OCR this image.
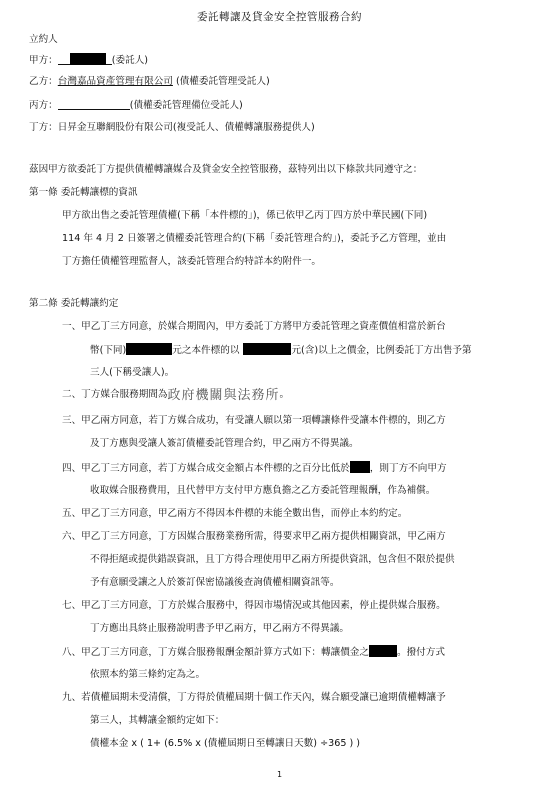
委託轉讓及貸金安全控管服務合約
立約人
甲方：	(委託人)
乙方：台灣嘉品資產管理有限公司 (債權委託管理受託人)
丙方：	(債權委託管理備位受託人)
丁方：日昇金互聯網股份有限公司(複受託人、債權轉讓服務提供人)
茲因甲方欲委託丁方提供債權轉讓媒合及貸金安全控管服務，茲特列出以下條款共同遵守之：
第一條 委託轉讓標的資訊
甲方欲出售之委託管理債權(下稱「本件標的」)，係已依甲乙丙丁四方於中華民國(下同)
114 年 4 月 2 日簽署之債權委託管理合約(下稱「委託管理合約」)，委託予乙方管理，並由
丁方擔任債權管理監督人，該委託管理合約特詳本約附件一。
第二條 委託轉讓約定
一、甲乙丁三方同意，於媒合期間內，甲方委託丁方將甲方委託管理之資產價值相當於新台
幣(下同)	元之本件標的以	元(含)以上之價金，比例委託丁方出售予第
三人(下稱受讓人)。
二、丁方媒合服務期間為政府機關與法務所。
三、甲乙兩方同意，若丁方媒合成功，有受讓人願以第一項轉讓條件受讓本件標的，則乙方
及丁方應與受讓人簽訂債權委託管理合約，甲乙兩方不得異議。
四、甲乙丁三方同意，若丁方媒合成交金額占本件標的之百分比低於 ，則丁方不向甲方
收取媒合服務費用，且代替甲方支付甲方應負擔之乙方委託管理報酬，作為補償。
五、甲乙丁三方同意，甲乙兩方不得因本件標的未能全數出售，而停止本約約定。
六、甲乙丁三方同意，丁方因媒合服務業務所需，得要求甲乙兩方提供相關資訊，甲乙兩方
不得拒絕或提供錯誤資訊，且丁方得合理使用甲乙兩方所提供資訊，包含但不限於提供
予有意願受讓之人於簽訂保密協議後查詢債權相關資訊等。
七、甲乙丁三方同意，丁方於媒合服務中，得因市場情況或其他因素，停止提供媒合服務。
丁方應出具終止服務說明書予甲乙兩方，甲乙兩方不得異議。
八、甲乙丁三方同意，丁方媒合服務報酬金額計算方式如下：轉讓價金之	。撥付方式
依照本約第三條約定為之。
九、若債權屆期未受清償，丁方得於債權屆期十個工作天內，媒合願受讓已逾期債權轉讓予
第三人，其轉讓金額約定如下：
債權本金 x ( 1+ (6.5% x (債權屆期日至轉讓日天數) ÷365 ) )
1
